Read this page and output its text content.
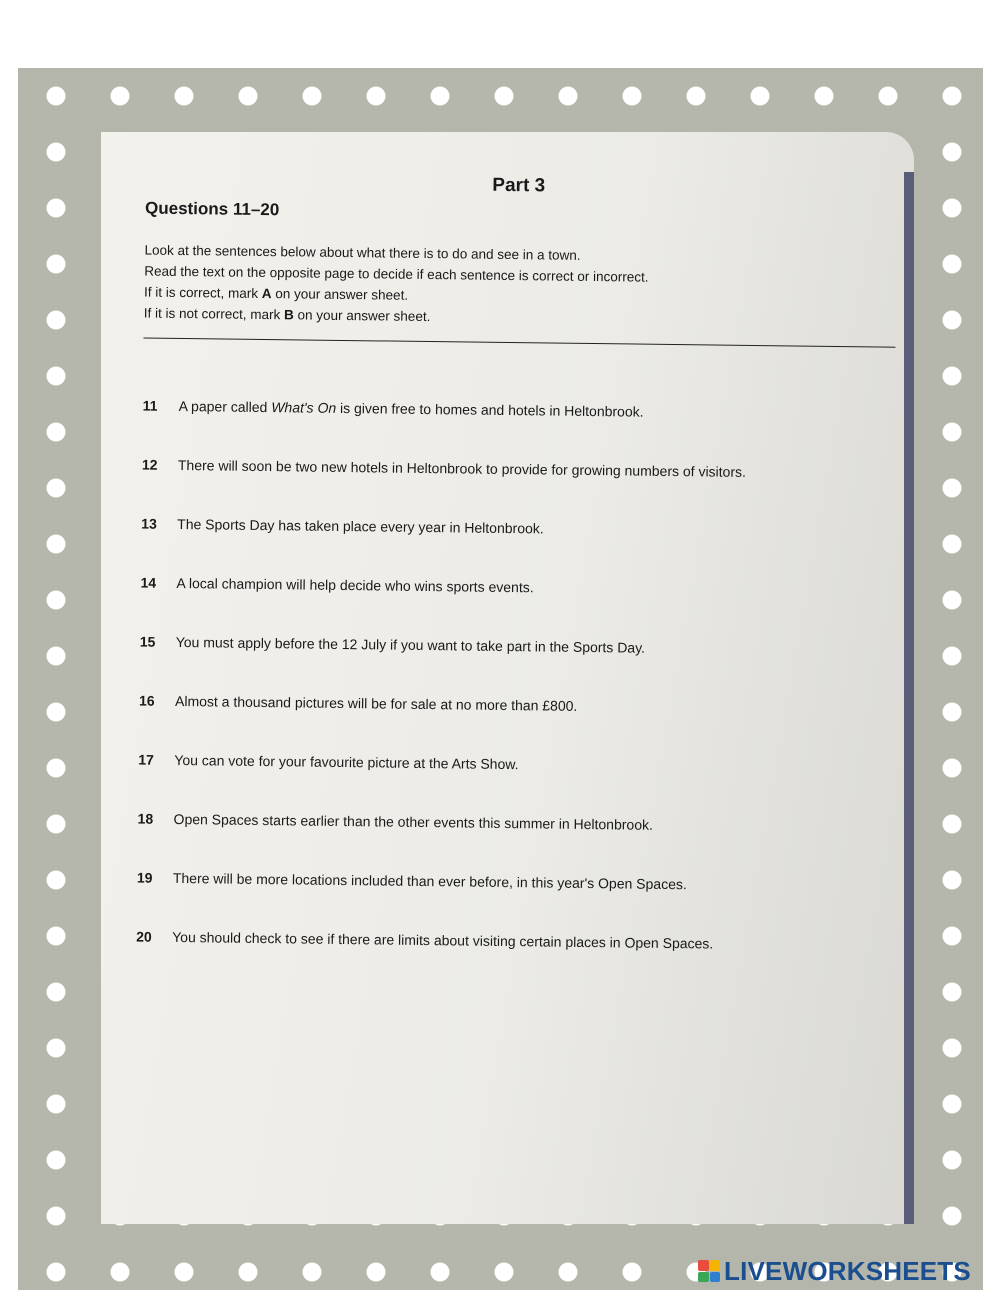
Part 3
Questions 11–20
Look at the sentences below about what there is to do and see in a town.
Read the text on the opposite page to decide if each sentence is correct or incorrect.
If it is correct, mark A on your answer sheet.
If it is not correct, mark B on your answer sheet.
11 A paper called What's On is given free to homes and hotels in Heltonbrook.
12 There will soon be two new hotels in Heltonbrook to provide for growing numbers of visitors.
13 The Sports Day has taken place every year in Heltonbrook.
14 A local champion will help decide who wins sports events.
15 You must apply before the 12 July if you want to take part in the Sports Day.
16 Almost a thousand pictures will be for sale at no more than £800.
17 You can vote for your favourite picture at the Arts Show.
18 Open Spaces starts earlier than the other events this summer in Heltonbrook.
19 There will be more locations included than ever before, in this year's Open Spaces.
20 You should check to see if there are limits about visiting certain places in Open Spaces.
LIVEWORKSHEETS
